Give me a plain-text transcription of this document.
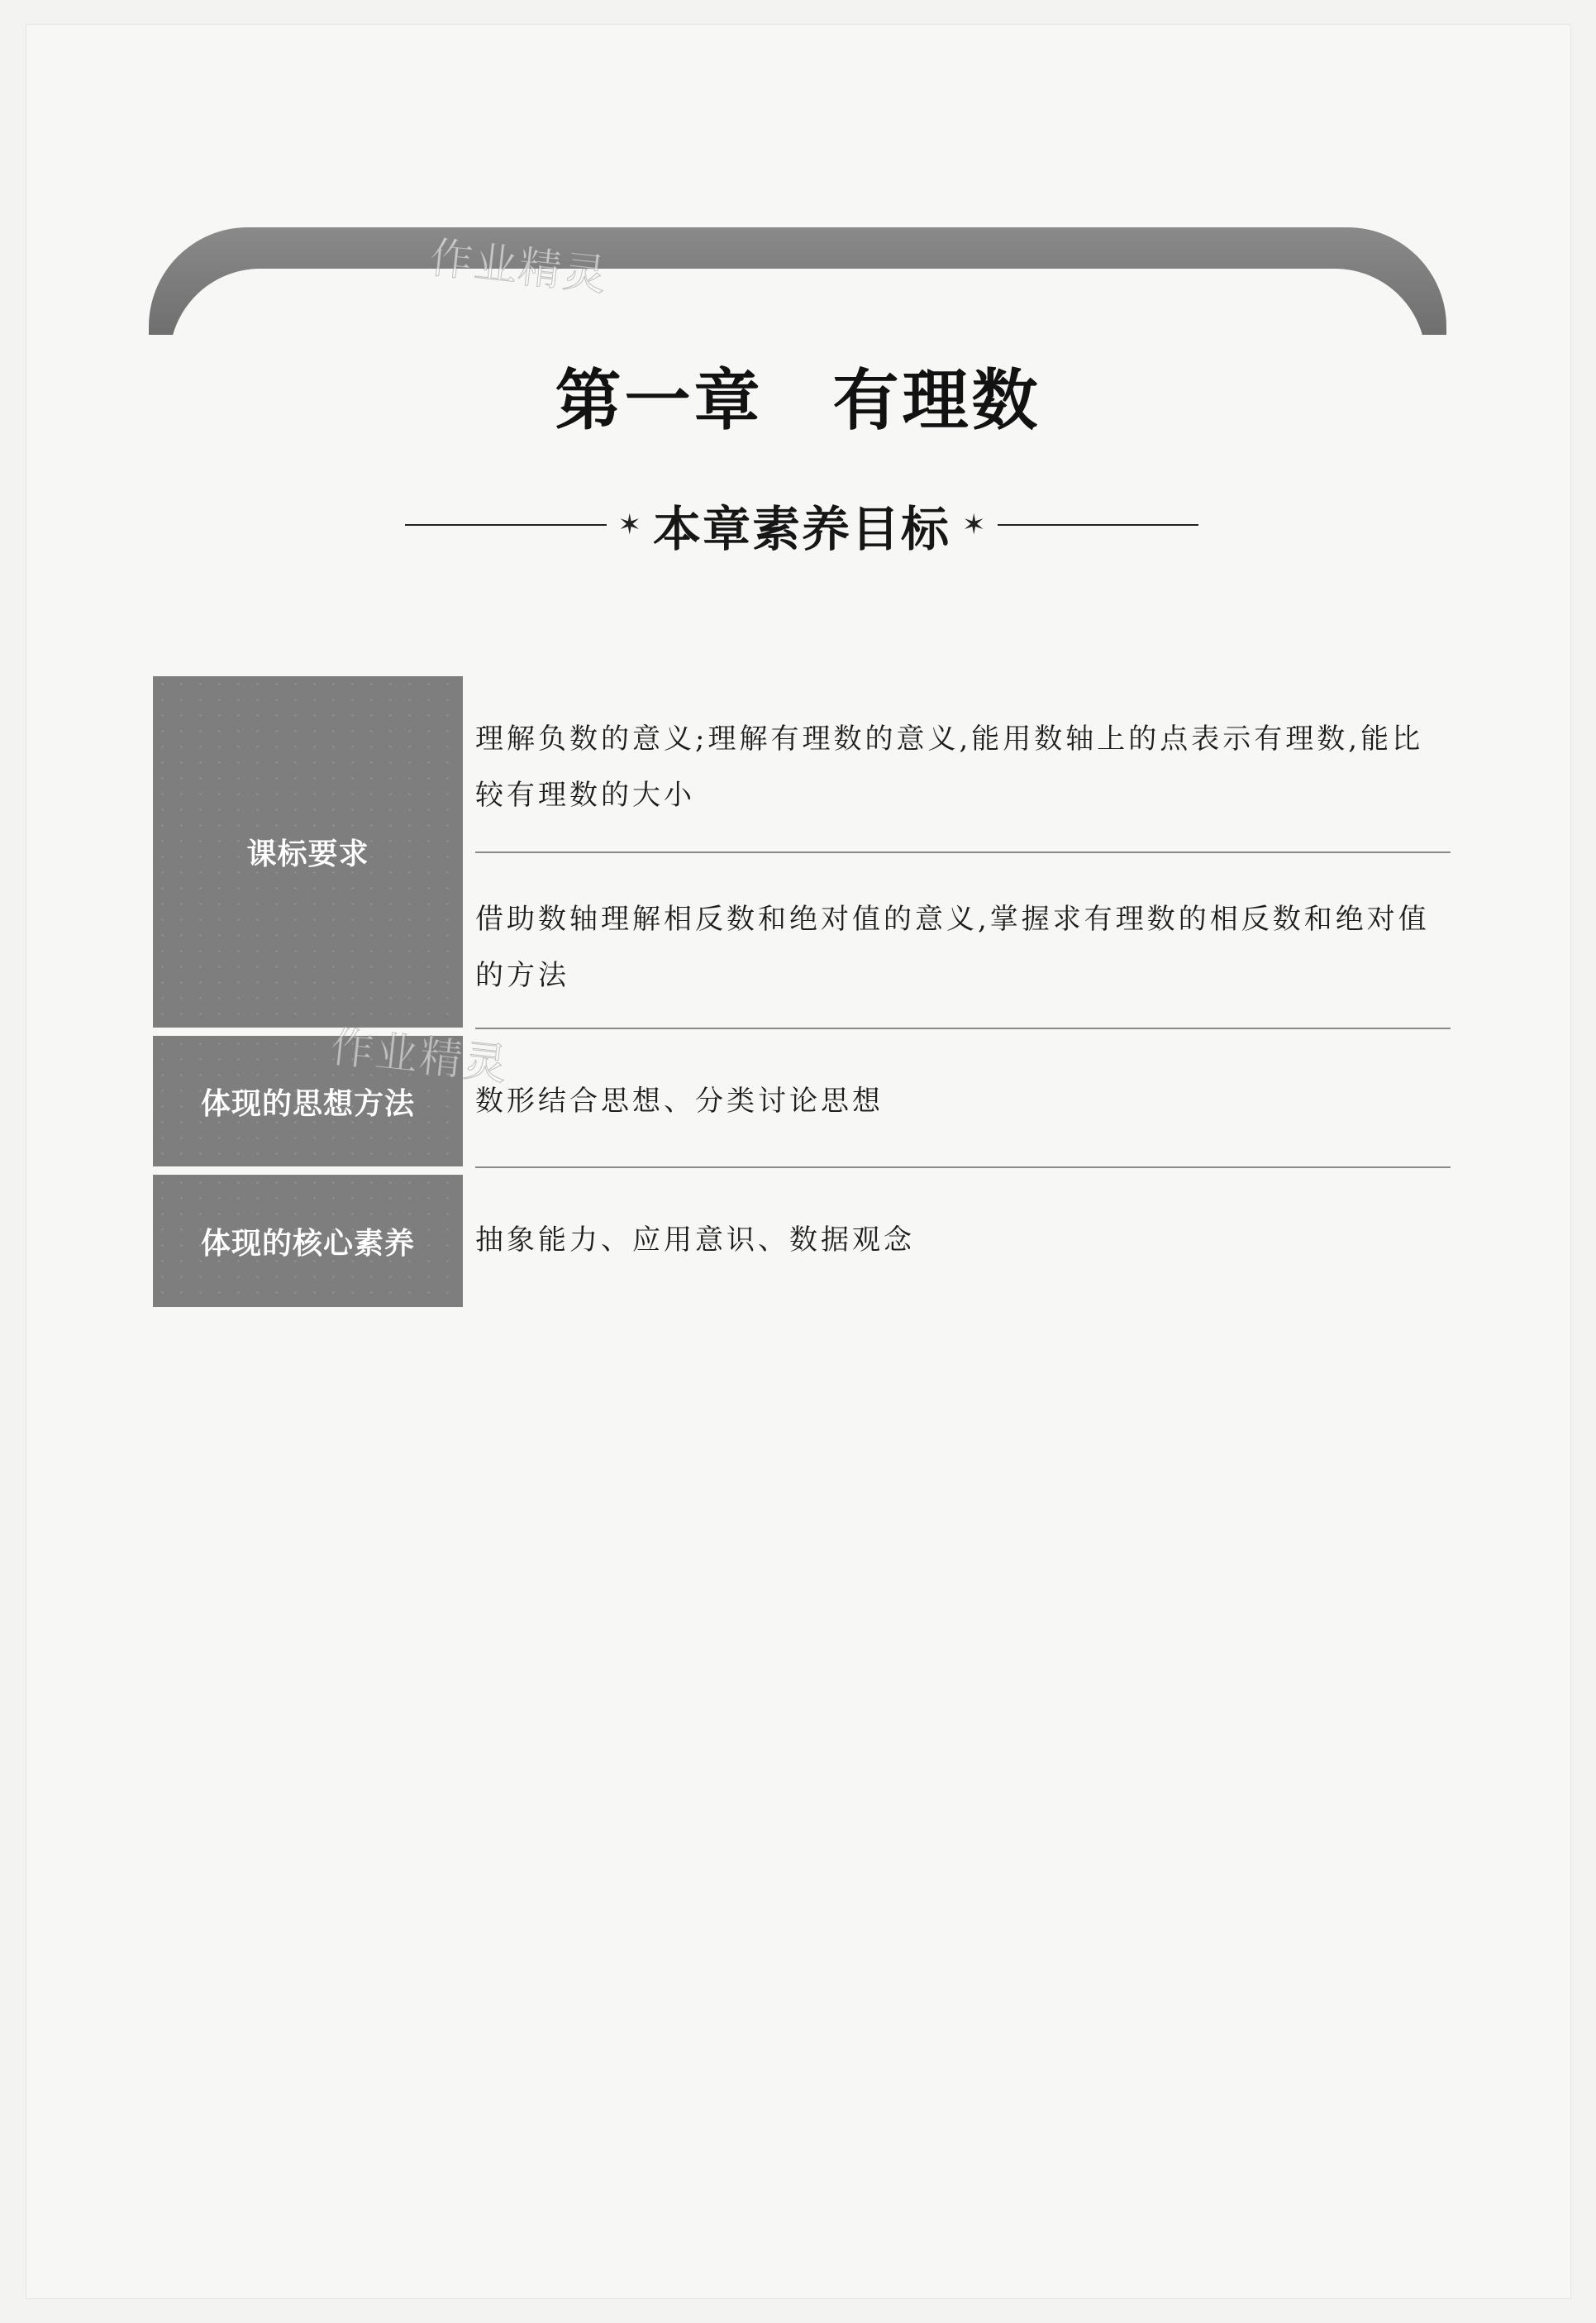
作业精灵
第一章　有理数
✶ 本章素养目标 ✶
课标要求
理解负数的意义;理解有理数的意义,能用数轴上的点表示有理数,能比较有理数的大小
借助数轴理解相反数和绝对值的意义,掌握求有理数的相反数和绝对值的方法
体现的思想方法	数形结合思想、分类讨论思想
体现的核心素养	抽象能力、应用意识、数据观念
作业精灵
